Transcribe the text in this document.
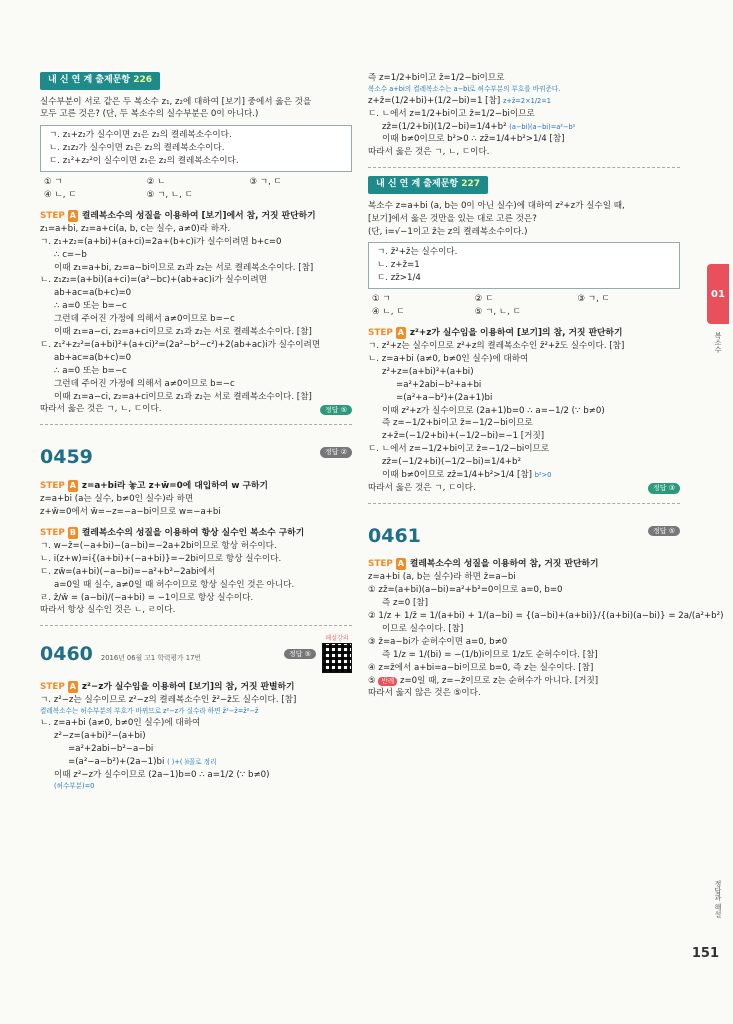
내 신 연 계 출제문항 226
실수부분이 서로 같은 두 복소수 z₁, z₂에 대하여 [보기] 중에서 옳은 것을
모두 고른 것은? (단, 두 복소수의 실수부분은 0이 아니다.)
ㄱ. z₁+z₂가 실수이면 z₁은 z₂의 켤레복소수이다.
ㄴ. z₁z₂가 실수이면 z₁은 z₂의 켤레복소수이다.
ㄷ. z₁²+z₂²이 실수이면 z₁은 z₂의 켤레복소수이다.
① ㄱ	② ㄴ	③ ㄱ, ㄷ
④ ㄴ, ㄷ	⑤ ㄱ, ㄴ, ㄷ
STEP A 켤레복소수의 성질을 이용하여 [보기]에서 참, 거짓 판단하기
z₁=a+bi, z₂=a+ci(a, b, c는 실수, a≠0)라 하자.
ㄱ. z₁+z₂=(a+bi)+(a+ci)=2a+(b+c)i가 실수이려면 b+c=0
∴ c=−b
이때 z₁=a+bi, z₂=a−bi이므로 z₁과 z₂는 서로 켤레복소수이다. [참]
ㄴ. z₁z₂=(a+bi)(a+ci)=(a²−bc)+(ab+ac)i가 실수이려면
ab+ac=a(b+c)=0
∴ a=0 또는 b=−c
그런데 주어진 가정에 의해서 a≠0이므로 b=−c
이때 z₁=a−ci, z₂=a+ci이므로 z₁과 z₂는 서로 켤레복소수이다. [참]
ㄷ. z₁²+z₂²=(a+bi)²+(a+ci)²=(2a²−b²−c²)+2(ab+ac)i가 실수이려면
ab+ac=a(b+c)=0
∴ a=0 또는 b=−c
그런데 주어진 가정에 의해서 a≠0이므로 b=−c
이때 z₁=a−ci, z₂=a+ci이므로 z₁과 z₂는 서로 켤레복소수이다. [참]
따라서 옳은 것은 ㄱ, ㄴ, ㄷ이다.	정답 ⑤
0459	정답 ②
STEP A z=a+bi라 놓고 z+w̄=0에 대입하여 w 구하기
z=a+bi (a는 실수, b≠0인 실수)라 하면
z+w̄=0에서 w̄=−z=−a−bi이므로 w=−a+bi
STEP B 켤레복소수의 성질을 이용하여 항상 실수인 복소수 구하기
ㄱ. w−z̄=(−a+bi)−(a−bi)=−2a+2bi이므로 항상 허수이다.
ㄴ. i(z+w)=i{(a+bi)+(−a+bi)}=−2bi이므로 항상 실수이다.
ㄷ. zw̄=(a+bi)(−a−bi)=−a²+b²−2abi에서
a=0일 때 실수, a≠0일 때 허수이므로 항상 실수인 것은 아니다.
ㄹ. z̄/w̄ = (a−bi)/(−a+bi) = −1이므로 항상 실수이다.
따라서 항상 실수인 것은 ㄴ, ㄹ이다.
0460 2016년 06월 고1 학력평가 17번	정답 ⑤
해설강의
STEP A z²−z가 실수임을 이용하여 [보기]의 참, 거짓 판별하기
ㄱ. z²−z는 실수이므로 z²−z의 켤레복소수인 z̄²−z̄도 실수이다. [참]
켤레복소수는 허수부분의 부호가 바뀌므로 z²−z가 실수라 하면 z̄²−z̄=z̄²−z̄
ㄴ. z=a+bi (a≠0, b≠0인 실수)에 대하여
z²−z=(a+bi)²−(a+bi)
=a²+2abi−b²−a−bi
=(a²−a−b²)+(2a−1)bi ( )+( )i꼴로 정리
이때 z²−z가 실수이므로 (2a−1)b=0 ∴ a=1/2 (∵ b≠0)
(허수부분)=0
즉 z=1/2+bi이고 z̄=1/2−bi이므로
복소수 a+bi의 켤레복소수는 a−bi로 허수부분의 부호를 바꿔준다.
z+z̄=(1/2+bi)+(1/2−bi)=1 [참] z+z̄=2×1/2=1
ㄷ. ㄴ에서 z=1/2+bi이고 z̄=1/2−bi이므로
zz̄=(1/2+bi)(1/2−bi)=1/4+b² (a−bi)(a−bi)=a²−b²
이때 b≠0이므로 b²>0 ∴ zz̄=1/4+b²>1/4 [참]
따라서 옳은 것은 ㄱ, ㄴ, ㄷ이다.
내 신 연 계 출제문항 227
복소수 z=a+bi (a, b는 0이 아닌 실수)에 대하여 z²+z가 실수일 때,
[보기]에서 옳은 것만을 있는 대로 고른 것은?
(단, i=√−1이고 z̄는 z의 켤레복소수이다.)
ㄱ. z̄²+z̄는 실수이다.
ㄴ. z+z̄=1
ㄷ. zz̄>1/4
① ㄱ	② ㄷ	③ ㄱ, ㄷ
④ ㄴ, ㄷ	⑤ ㄱ, ㄴ, ㄷ
STEP A z²+z가 실수임을 이용하여 [보기]의 참, 거짓 판단하기
ㄱ. z²+z는 실수이므로 z²+z의 켤레복소수인 z̄²+z̄도 실수이다. [참]
ㄴ. z=a+bi (a≠0, b≠0인 실수)에 대하여
z²+z=(a+bi)²+(a+bi)
=a²+2abi−b²+a+bi
=(a²+a−b²)+(2a+1)bi
이때 z²+z가 실수이므로 (2a+1)b=0 ∴ a=−1/2 (∵ b≠0)
즉 z=−1/2+bi이고 z̄=−1/2−bi이므로
z+z̄=(−1/2+bi)+(−1/2−bi)=−1 [거짓]
ㄷ. ㄴ에서 z=−1/2+bi이고 z̄=−1/2−bi이므로
zz̄=(−1/2+bi)(−1/2−bi)=1/4+b²
이때 b≠0이므로 zz̄=1/4+b²>1/4 [참] b²>0
따라서 옳은 것은 ㄱ, ㄷ이다.	정답 ③
0461	정답 ⑤
STEP A 켤레복소수의 성질을 이용하여 참, 거짓 판단하기
z=a+bi (a, b는 실수)라 하면 z̄=a−bi
① zz̄=(a+bi)(a−bi)=a²+b²=0이므로 a=0, b=0
즉 z=0 [참]
② 1/z + 1/z̄ = 1/(a+bi) + 1/(a−bi) = {(a−bi)+(a+bi)}/{(a+bi)(a−bi)} = 2a/(a²+b²)
이므로 실수이다. [참]
③ z̄=a−bi가 순허수이면 a=0, b≠0
즉 1/z = 1/(bi) = −(1/b)i이므로 1/z도 순허수이다. [참]
④ z=z̄에서 a+bi=a−bi이므로 b=0, 즉 z는 실수이다. [참]
⑤ 반례 z=0일 때, z=−z̄이므로 z는 순허수가 아니다. [거짓]
따라서 옳지 않은 것은 ⑤이다.
01
복소수
정답과 해설
151
